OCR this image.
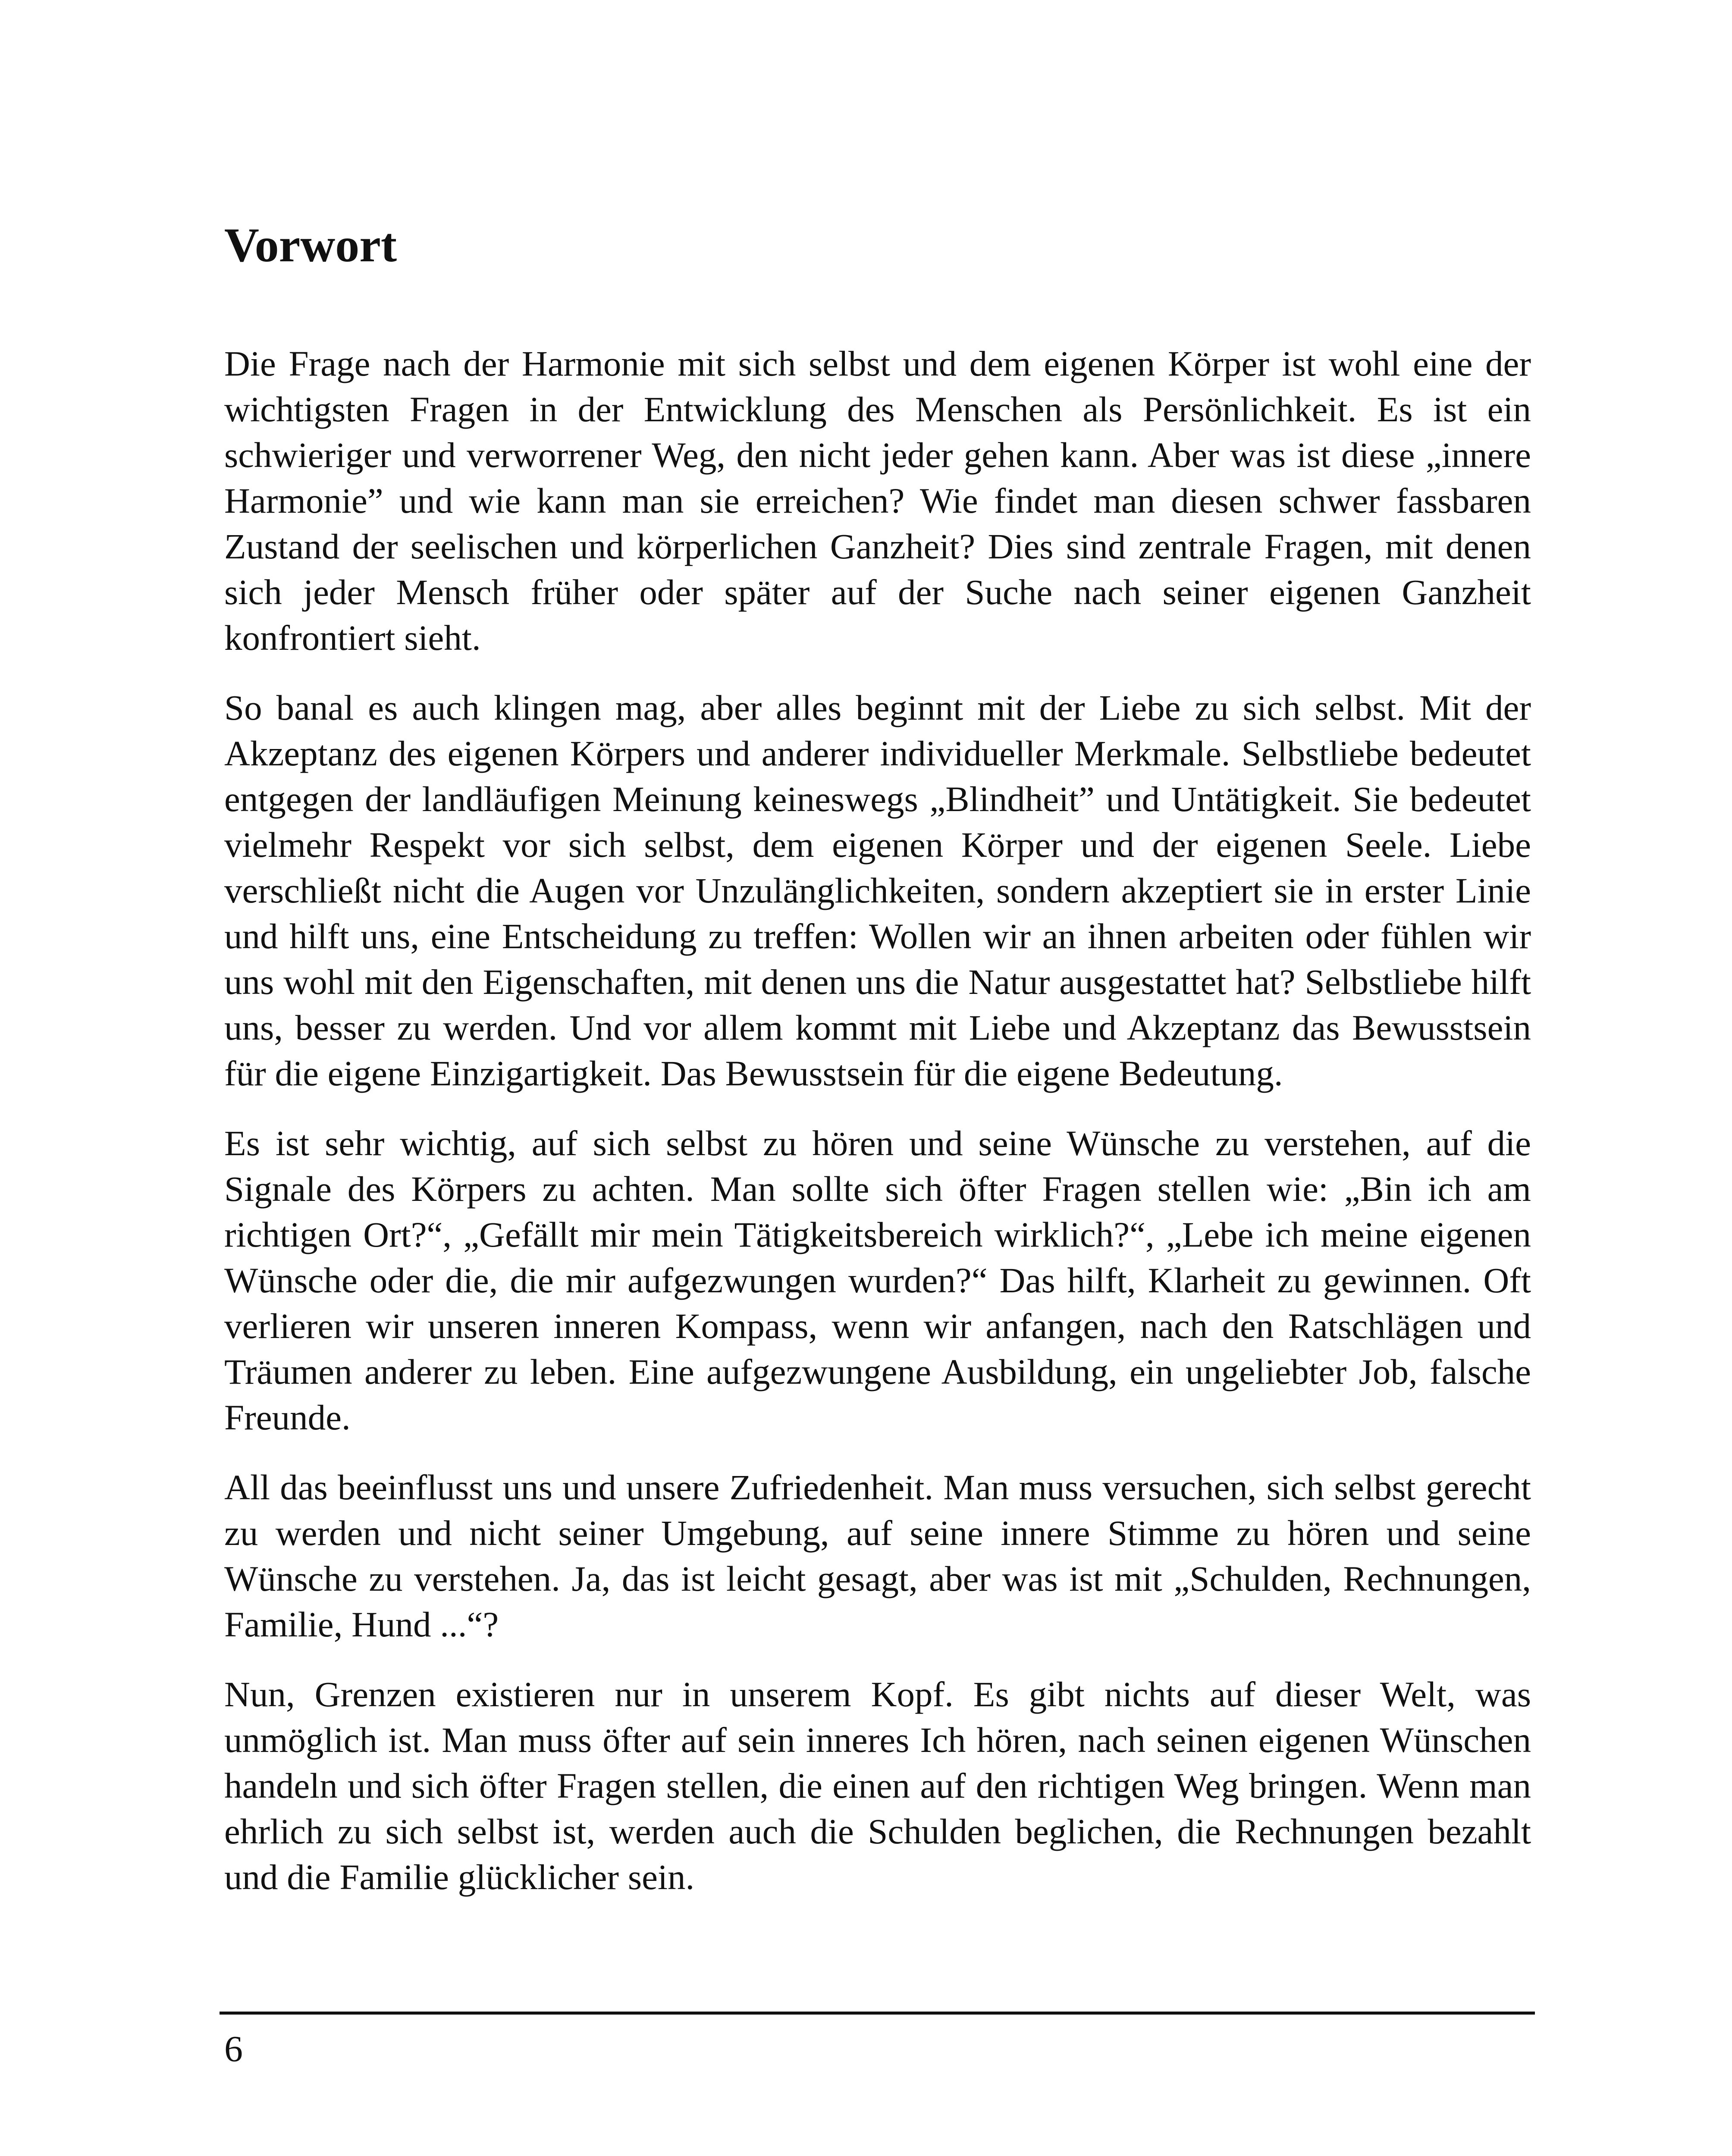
Vorwort

Die Frage nach der Harmonie mit sich selbst und dem eigenen Körper ist wohl eine der wichtigsten Fragen in der Entwicklung des Menschen als Persönlichkeit. Es ist ein schwieriger und verworrener Weg, den nicht jeder gehen kann. Aber was ist diese „innere Harmonie” und wie kann man sie erreichen? Wie findet man diesen schwer fassbaren Zustand der seelischen und körperlichen Ganzheit? Dies sind zentrale Fragen, mit denen sich jeder Mensch früher oder später auf der Suche nach seiner eigenen Ganzheit konfrontiert sieht.

So banal es auch klingen mag, aber alles beginnt mit der Liebe zu sich selbst. Mit der Akzeptanz des eigenen Körpers und anderer individueller Merkmale. Selbstliebe bedeutet entgegen der landläufigen Meinung keineswegs „Blindheit” und Untätigkeit. Sie bedeutet vielmehr Respekt vor sich selbst, dem eigenen Körper und der eigenen Seele. Liebe verschließt nicht die Augen vor Unzulänglichkeiten, sondern akzeptiert sie in erster Linie und hilft uns, eine Entscheidung zu treffen: Wollen wir an ihnen arbeiten oder fühlen wir uns wohl mit den Eigenschaften, mit denen uns die Natur ausgestattet hat? Selbstliebe hilft uns, besser zu werden. Und vor allem kommt mit Liebe und Akzeptanz das Bewusstsein für die eigene Einzigartigkeit. Das Bewusstsein für die eigene Bedeutung.

Es ist sehr wichtig, auf sich selbst zu hören und seine Wünsche zu verstehen, auf die Signale des Körpers zu achten. Man sollte sich öfter Fragen stellen wie: „Bin ich am richtigen Ort?“, „Gefällt mir mein Tätigkeitsbereich wirklich?“, „Lebe ich meine eigenen Wünsche oder die, die mir aufgezwungen wurden?“ Das hilft, Klarheit zu gewinnen. Oft verlieren wir unseren inneren Kompass, wenn wir anfangen, nach den Ratschlägen und Träumen anderer zu leben. Eine aufgezwungene Ausbildung, ein ungeliebter Job, falsche Freunde.

All das beeinflusst uns und unsere Zufriedenheit. Man muss versuchen, sich selbst gerecht zu werden und nicht seiner Umgebung, auf seine innere Stimme zu hören und seine Wünsche zu verstehen. Ja, das ist leicht gesagt, aber was ist mit „Schulden, Rechnungen, Familie, Hund ...“?

Nun, Grenzen existieren nur in unserem Kopf. Es gibt nichts auf dieser Welt, was unmöglich ist. Man muss öfter auf sein inneres Ich hören, nach seinen eigenen Wünschen handeln und sich öfter Fragen stellen, die einen auf den richtigen Weg bringen. Wenn man ehrlich zu sich selbst ist, werden auch die Schulden beglichen, die Rechnungen bezahlt und die Familie glücklicher sein.

6
